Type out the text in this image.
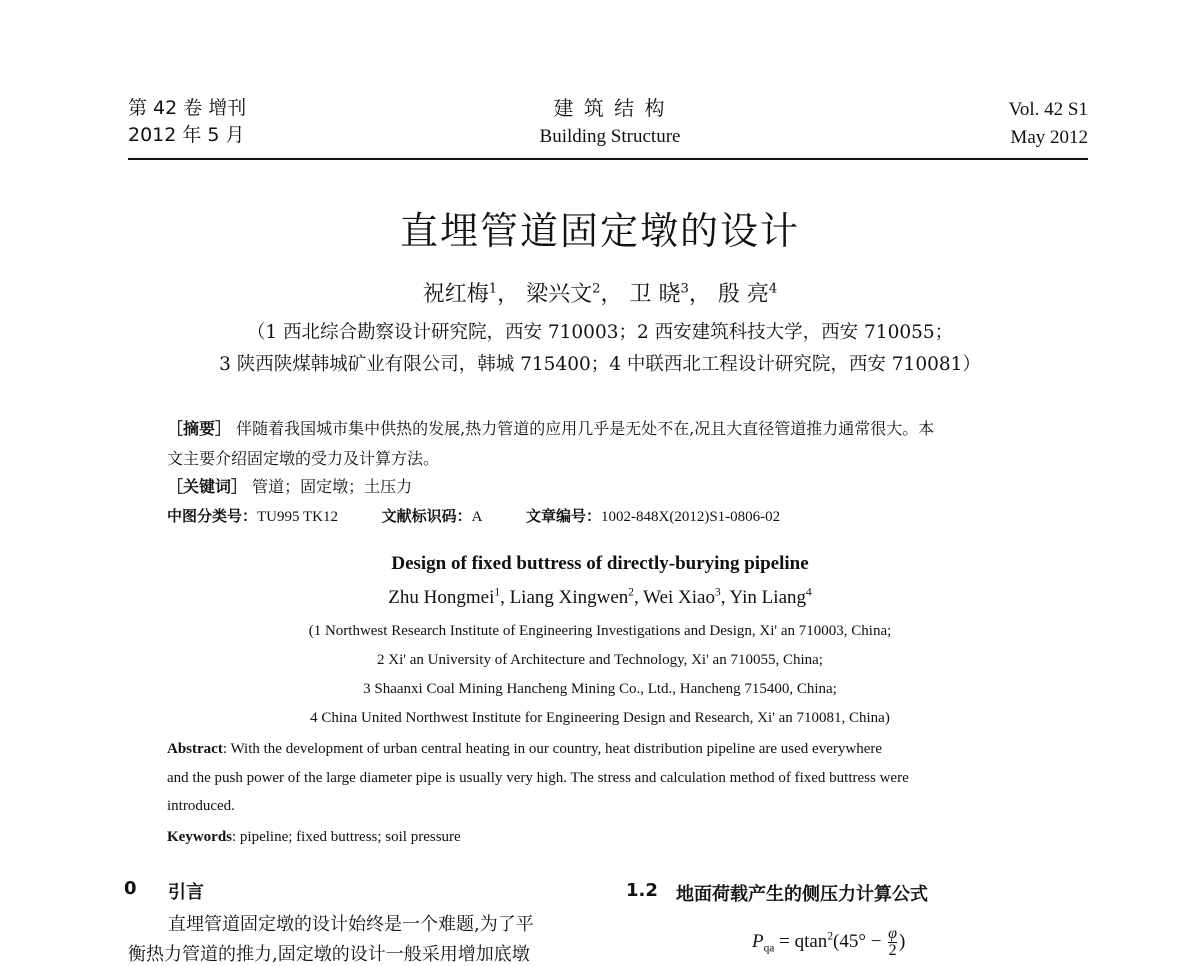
第 42 卷 增刊
2012 年 5 月
建 筑 结 构
Building Structure
Vol. 42 S1
May 2012
直埋管道固定墩的设计
祝红梅$^1$， 梁兴文$^2$， 卫 晓$^3$， 殷 亮$^4$
（1 西北综合勘察设计研究院，西安 710003；2 西安建筑科技大学，西安 710055；
3 陕西陕煤韩城矿业有限公司，韩城 715400；4 中联西北工程设计研究院，西安 710081）
［摘要］ 伴随着我国城市集中供热的发展,热力管道的应用几乎是无处不在,况且大直径管道推力通常很大。本
文主要介绍固定墩的受力及计算方法。
［关键词］ 管道；固定墩；土压力
中图分类号：TU995 TK12	文献标识码：A	文章编号：1002-848X(2012)S1-0806-02
Design of fixed buttress of directly-burying pipeline
Zhu Hongmei$^1$, Liang Xingwen$^2$, Wei Xiao$^3$, Yin Liang$^4$
(1 Northwest Research Institute of Engineering Investigations and Design, Xi' an 710003, China;
2 Xi' an University of Architecture and Technology, Xi' an 710055, China;
3 Shaanxi Coal Mining Hancheng Mining Co., Ltd., Hancheng 715400, China;
4 China United Northwest Institute for Engineering Design and Research, Xi' an 710081, China)
Abstract: With the development of urban central heating in our country, heat distribution pipeline are used everywhere
and the push power of the large diameter pipe is usually very high. The stress and calculation method of fixed buttress were
introduced.
Keywords: pipeline; fixed buttress; soil pressure
0 引言
直埋管道固定墩的设计始终是一个难题,为了平
衡热力管道的推力,固定墩的设计一般采用增加底墩
1.2 地面荷载产生的侧压力计算公式
$P_{qa} = qtan^2(45^\circ - \frac{\varphi}{2}$ )
